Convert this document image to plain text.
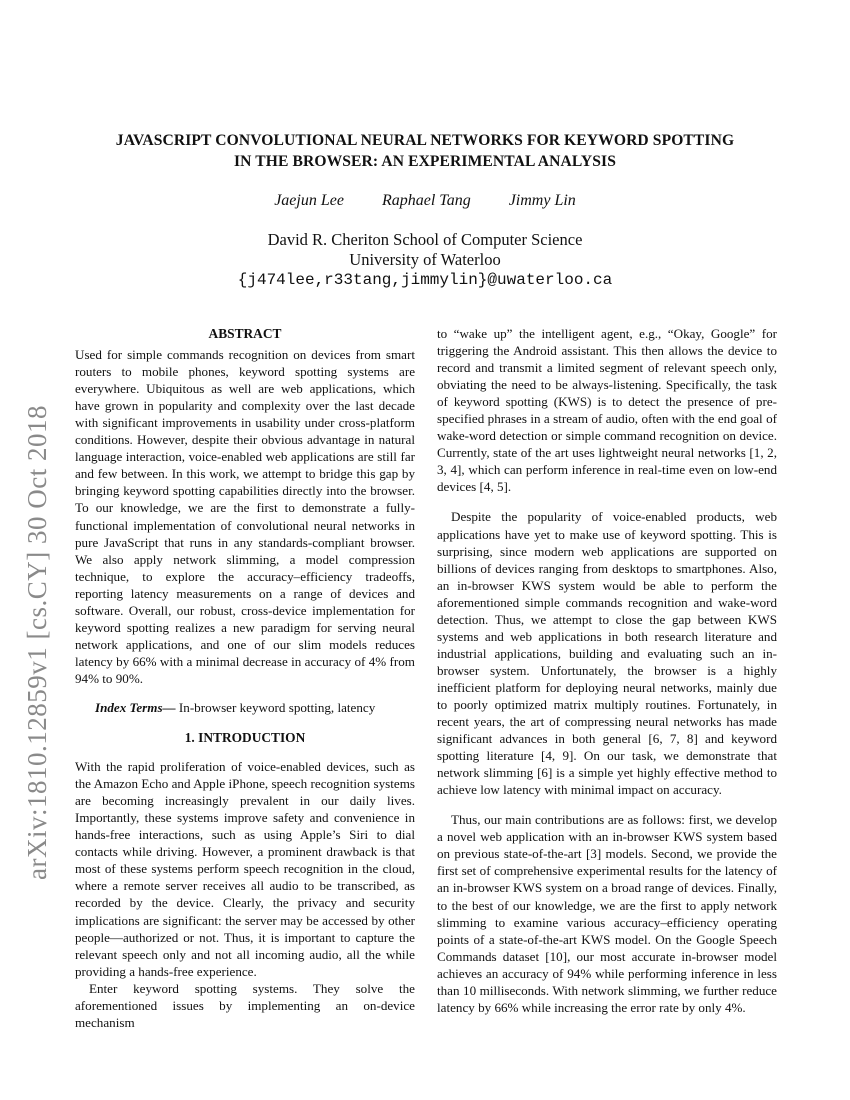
arXiv:1810.12859v1 [cs.CY] 30 Oct 2018
JAVASCRIPT CONVOLUTIONAL NEURAL NETWORKS FOR KEYWORD SPOTTING
IN THE BROWSER: AN EXPERIMENTAL ANALYSIS
Jaejun Lee Raphael Tang Jimmy Lin
David R. Cheriton School of Computer Science
University of Waterloo
{j474lee,r33tang,jimmylin}@uwaterloo.ca
ABSTRACT

Used for simple commands recognition on devices from smart routers to mobile phones, keyword spotting systems are everywhere. Ubiquitous as well are web applications, which have grown in popularity and complexity over the last decade with significant improvements in usability under cross-platform conditions. However, despite their obvious advantage in natural language interaction, voice-enabled web applications are still far and few between. In this work, we attempt to bridge this gap by bringing keyword spotting capabilities directly into the browser. To our knowledge, we are the first to demonstrate a fully-functional implementation of convolutional neural networks in pure JavaScript that runs in any standards-compliant browser. We also apply network slimming, a model compression technique, to explore the accuracy–efficiency tradeoffs, reporting latency measurements on a range of devices and software. Overall, our robust, cross-device implementation for keyword spotting realizes a new paradigm for serving neural network applications, and one of our slim models reduces latency by 66% with a minimal decrease in accuracy of 4% from 94% to 90%.

Index Terms— In-browser keyword spotting, latency

1. INTRODUCTION

With the rapid proliferation of voice-enabled devices, such as the Amazon Echo and Apple iPhone, speech recognition systems are becoming increasingly prevalent in our daily lives. Importantly, these systems improve safety and convenience in hands-free interactions, such as using Apple’s Siri to dial contacts while driving. However, a prominent drawback is that most of these systems perform speech recognition in the cloud, where a remote server receives all audio to be transcribed, as recorded by the device. Clearly, the privacy and security implications are significant: the server may be accessed by other people—authorized or not. Thus, it is important to capture the relevant speech only and not all incoming audio, all the while providing a hands-free experience.

Enter keyword spotting systems. They solve the aforementioned issues by implementing an on-device mechanism

to “wake up” the intelligent agent, e.g., “Okay, Google” for triggering the Android assistant. This then allows the device to record and transmit a limited segment of relevant speech only, obviating the need to be always-listening. Specifically, the task of keyword spotting (KWS) is to detect the presence of pre-specified phrases in a stream of audio, often with the end goal of wake-word detection or simple command recognition on device. Currently, state of the art uses lightweight neural networks [1, 2, 3, 4], which can perform inference in real-time even on low-end devices [4, 5].

Despite the popularity of voice-enabled products, web applications have yet to make use of keyword spotting. This is surprising, since modern web applications are supported on billions of devices ranging from desktops to smartphones. Also, an in-browser KWS system would be able to perform the aforementioned simple commands recognition and wake-word detection. Thus, we attempt to close the gap between KWS systems and web applications in both research literature and industrial applications, building and evaluating such an in-browser system. Unfortunately, the browser is a highly inefficient platform for deploying neural networks, mainly due to poorly optimized matrix multiply routines. Fortunately, in recent years, the art of compressing neural networks has made significant advances in both general [6, 7, 8] and keyword spotting literature [4, 9]. On our task, we demonstrate that network slimming [6] is a simple yet highly effective method to achieve low latency with minimal impact on accuracy.

Thus, our main contributions are as follows: first, we develop a novel web application with an in-browser KWS system based on previous state-of-the-art [3] models. Second, we provide the first set of comprehensive experimental results for the latency of an in-browser KWS system on a broad range of devices. Finally, to the best of our knowledge, we are the first to apply network slimming to examine various accuracy–efficiency operating points of a state-of-the-art KWS model. On the Google Speech Commands dataset [10], our most accurate in-browser model achieves an accuracy of 94% while performing inference in less than 10 milliseconds. With network slimming, we further reduce latency by 66% while increasing the error rate by only 4%.
